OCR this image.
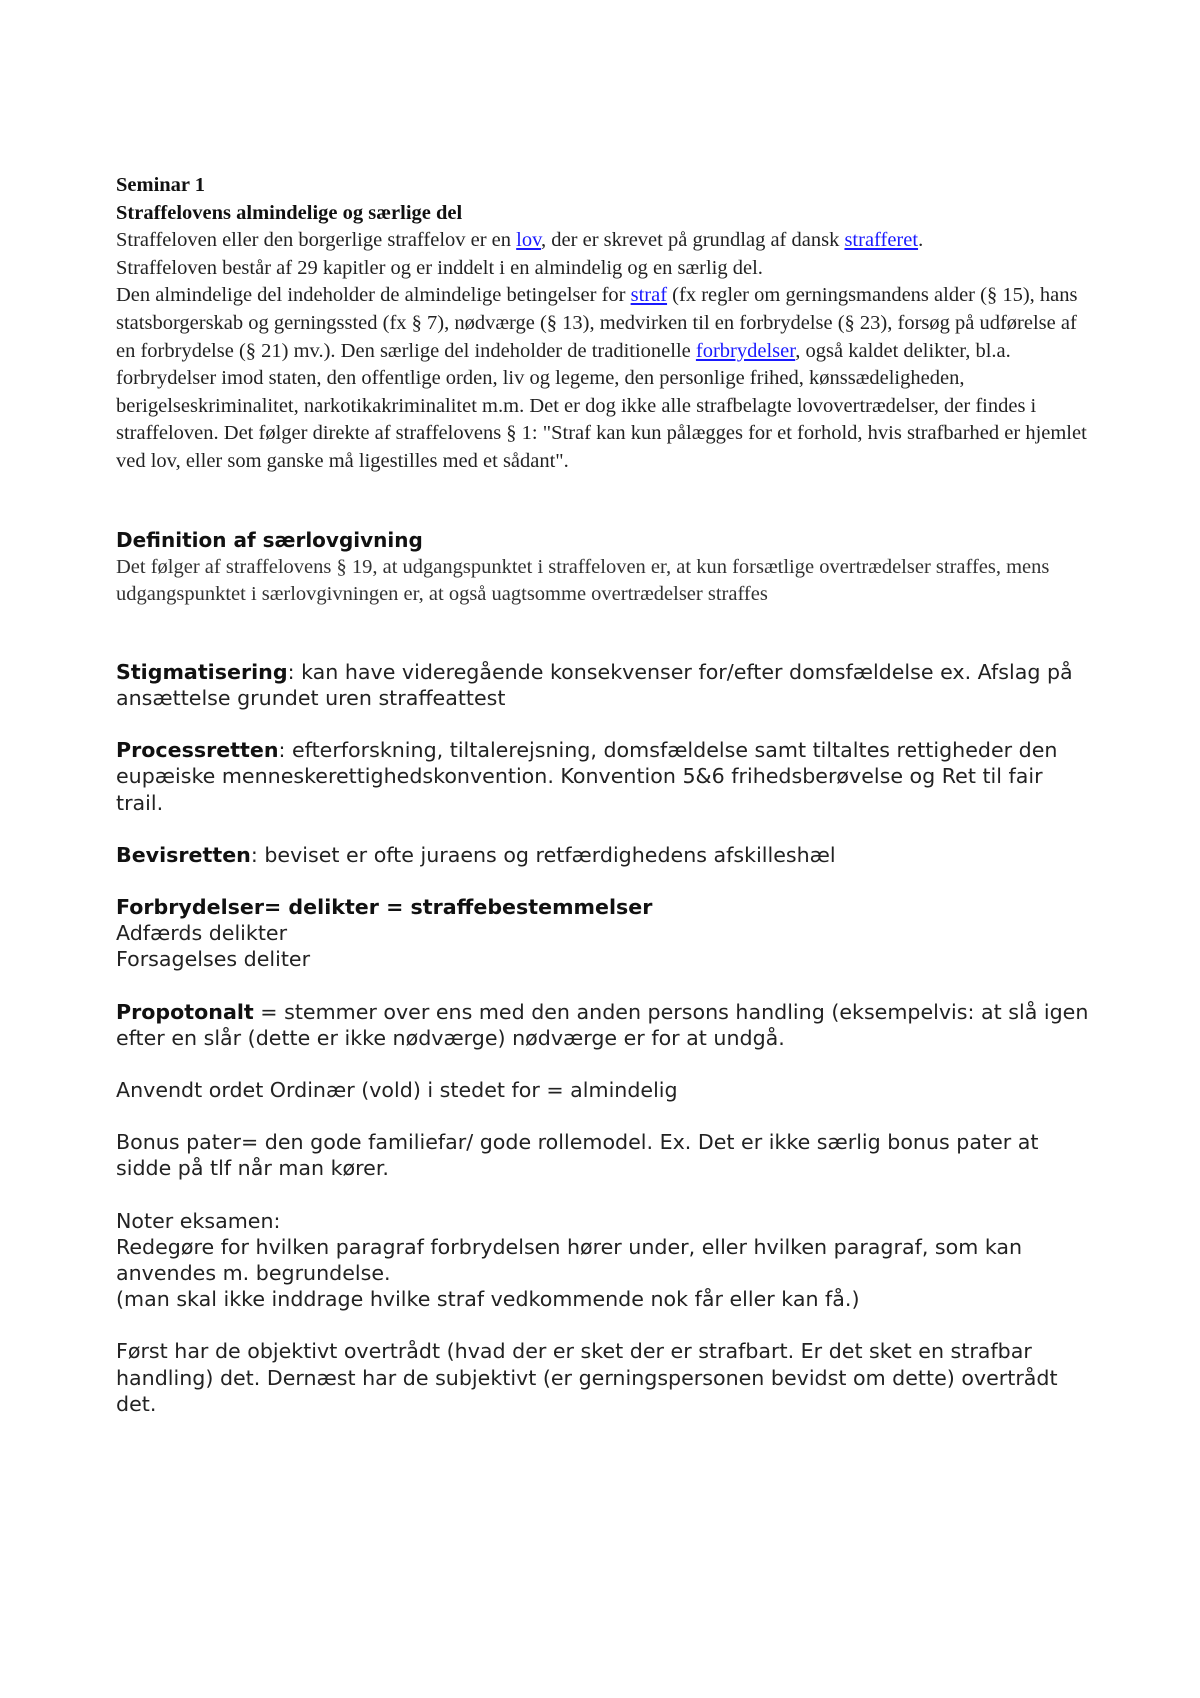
Seminar 1

Straffelovens almindelige og særlige del

Straffeloven eller den borgerlige straffelov er en lov, der er skrevet på grundlag af dansk strafferet.

Straffeloven består af 29 kapitler og er inddelt i en almindelig og en særlig del.

Den almindelige del indeholder de almindelige betingelser for straf (fx regler om gerningsmandens alder (§ 15), hans statsborgerskab og gerningssted (fx § 7), nødværge (§ 13), medvirken til en forbrydelse (§ 23), forsøg på udførelse af en forbrydelse (§ 21) mv.). Den særlige del indeholder de traditionelle forbrydelser, også kaldet delikter, bl.a. forbrydelser imod staten, den offentlige orden, liv og legeme, den personlige frihed, kønssædeligheden, berigelseskriminalitet, narkotikakriminalitet m.m. Det er dog ikke alle strafbelagte lovovertrædelser, der findes i straffeloven. Det følger direkte af straffelovens § 1: "Straf kan kun pålægges for et forhold, hvis strafbarhed er hjemlet ved lov, eller som ganske må ligestilles med et sådant".

Definition af særlovgivning
Det følger af straffelovens § 19, at udgangspunktet i straffeloven er, at kun forsætlige overtrædelser straffes, mens udgangspunktet i særlovgivningen er, at også uagtsomme overtrædelser straffes

Stigmatisering: kan have videregående konsekvenser for/efter domsfældelse ex. Afslag på ansættelse grundet uren straffeattest

Processretten: efterforskning, tiltalerejsning, domsfældelse samt tiltaltes rettigheder den eupæiske menneskerettighedskonvention. Konvention 5&6 frihedsberøvelse og Ret til fair trail.

Bevisretten: beviset er ofte juraens og retfærdighedens afskilleshæl

Forbrydelser= delikter = straffebestemmelser

Adfærds delikter

Forsagelses deliter

Propotonalt = stemmer over ens med den anden persons handling (eksempelvis: at slå igen efter en slår (dette er ikke nødværge) nødværge er for at undgå.

Anvendt ordet Ordinær (vold) i stedet for = almindelig

Bonus pater= den gode familiefar/ gode rollemodel. Ex. Det er ikke særlig bonus pater at sidde på tlf når man kører.

Noter eksamen:

Redegøre for hvilken paragraf forbrydelsen hører under, eller hvilken paragraf, som kan anvendes m. begrundelse.

(man skal ikke inddrage hvilke straf vedkommende nok får eller kan få.)

Først har de objektivt overtrådt (hvad der er sket der er strafbart. Er det sket en strafbar handling) det. Dernæst har de subjektivt (er gerningspersonen bevidst om dette) overtrådt det.
